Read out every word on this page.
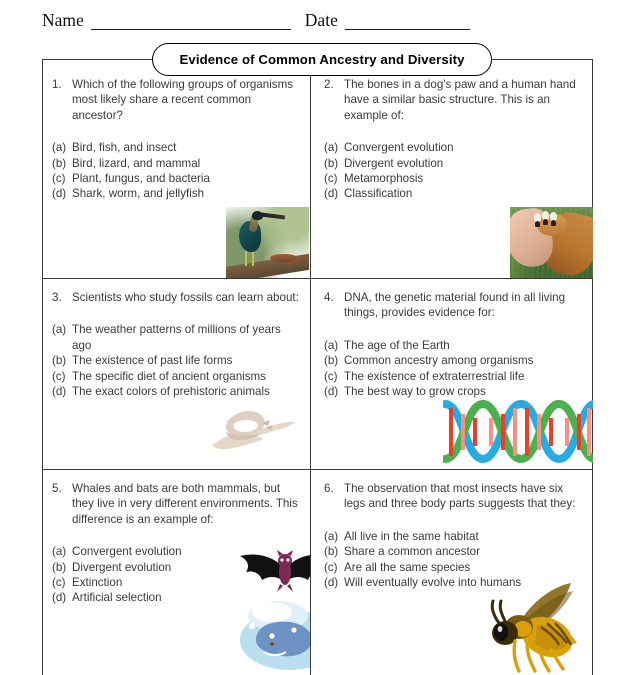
Name	Date
Evidence of Common Ancestry and Diversity
1. Which of the following groups of organisms most likely share a recent common ancestor?
(a) Bird, fish, and insect
(b) Bird, lizard, and mammal
(c) Plant, fungus, and bacteria
(d) Shark, worm, and jellyfish
2. The bones in a dog's paw and a human hand have a similar basic structure. This is an example of:
(a) Convergent evolution
(b) Divergent evolution
(c) Metamorphosis
(d) Classification
3. Scientists who study fossils can learn about:
(a) The weather patterns of millions of years ago
(b) The existence of past life forms
(c) The specific diet of ancient organisms
(d) The exact colors of prehistoric animals
4. DNA, the genetic material found in all living things, provides evidence for:
(a) The age of the Earth
(b) Common ancestry among organisms
(c) The existence of extraterrestrial life
(d) The best way to grow crops
5. Whales and bats are both mammals, but they live in very different environments. This difference is an example of:
(a) Convergent evolution
(b) Divergent evolution
(c) Extinction
(d) Artificial selection
6. The observation that most insects have six legs and three body parts suggests that they:
(a) All live in the same habitat
(b) Share a common ancestor
(c) Are all the same species
(d) Will eventually evolve into humans
